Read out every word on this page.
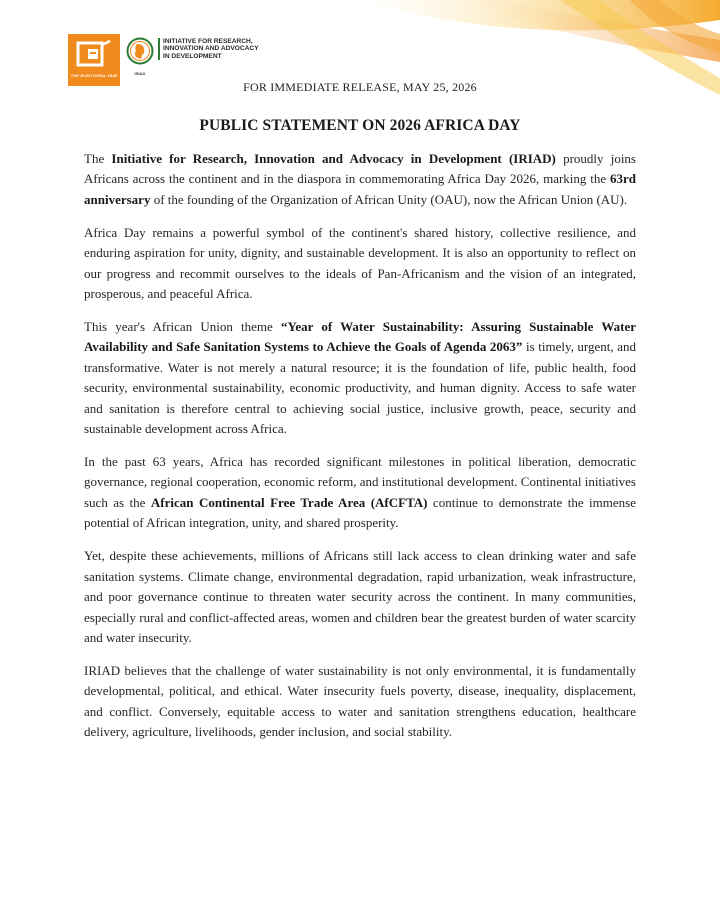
THE ELECTORAL HUB	IRIAD
INITIATIVE FOR RESEARCH,
INNOVATION AND ADVOCACY
IN DEVELOPMENT
FOR IMMEDIATE RELEASE, MAY 25, 2026
PUBLIC STATEMENT ON 2026 AFRICA DAY

The Initiative for Research, Innovation and Advocacy in Development (IRIAD) proudly joins Africans across the continent and in the diaspora in commemorating Africa Day 2026, marking the 63rd anniversary of the founding of the Organization of African Unity (OAU), now the African Union (AU).

Africa Day remains a powerful symbol of the continent's shared history, collective resilience, and enduring aspiration for unity, dignity, and sustainable development. It is also an opportunity to reflect on our progress and recommit ourselves to the ideals of Pan-Africanism and the vision of an integrated, prosperous, and peaceful Africa.

This year's African Union theme “Year of Water Sustainability: Assuring Sustainable Water Availability and Safe Sanitation Systems to Achieve the Goals of Agenda 2063” is timely, urgent, and transformative. Water is not merely a natural resource; it is the foundation of life, public health, food security, environmental sustainability, economic productivity, and human dignity. Access to safe water and sanitation is therefore central to achieving social justice, inclusive growth, peace, security and sustainable development across Africa.

In the past 63 years, Africa has recorded significant milestones in political liberation, democratic governance, regional cooperation, economic reform, and institutional development. Continental initiatives such as the African Continental Free Trade Area (AfCFTA) continue to demonstrate the immense potential of African integration, unity, and shared prosperity.

Yet, despite these achievements, millions of Africans still lack access to clean drinking water and safe sanitation systems. Climate change, environmental degradation, rapid urbanization, weak infrastructure, and poor governance continue to threaten water security across the continent. In many communities, especially rural and conflict-affected areas, women and children bear the greatest burden of water scarcity and water insecurity.

IRIAD believes that the challenge of water sustainability is not only environmental, it is fundamentally developmental, political, and ethical. Water insecurity fuels poverty, disease, inequality, displacement, and conflict. Conversely, equitable access to water and sanitation strengthens education, healthcare delivery, agriculture, livelihoods, gender inclusion, and social stability.
